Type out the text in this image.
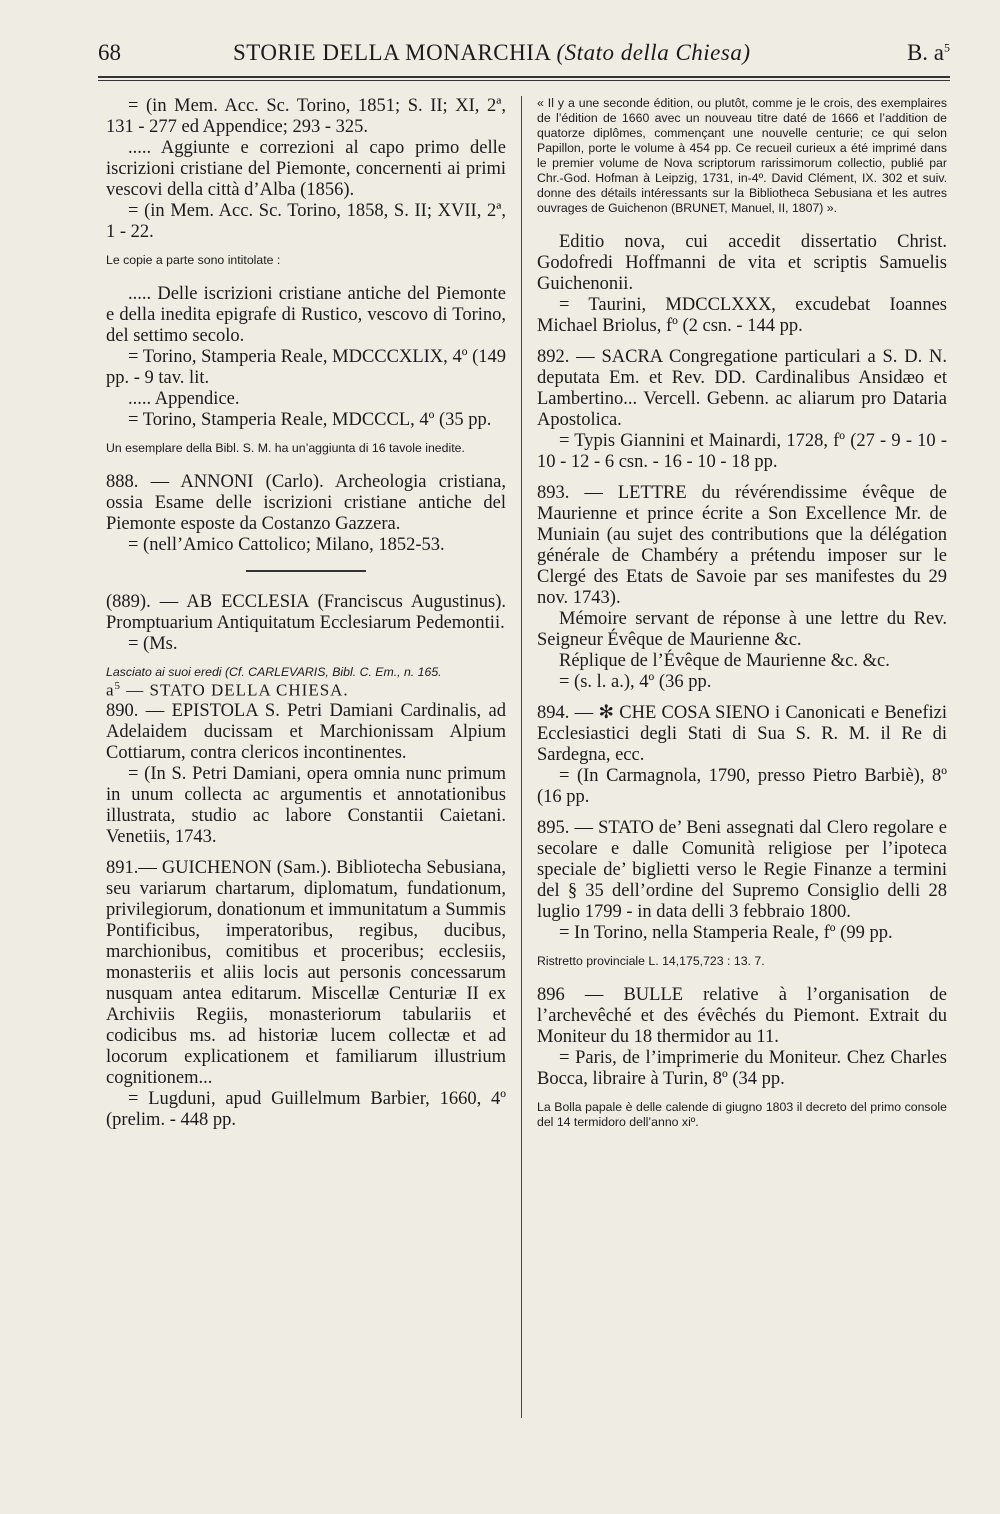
68	STORIE DELLA MONARCHIA (Stato della Chiesa)	B. $a^5$

= (in Mem. Acc. Sc. Torino, 1851; S. II; XI, 2ª, 131 - 277 ed Appendice; 293 - 325.

..... Aggiunte e correzioni al capo primo delle iscrizioni cristiane del Piemonte, concernenti ai primi vescovi della città d’Alba (1856).

= (in Mem. Acc. Sc. Torino, 1858, S. II; XVII, 2ª, 1 - 22.

Le copie a parte sono intitolate :

..... Delle iscrizioni cristiane antiche del Piemonte e della inedita epigrafe di Rustico, vescovo di Torino, del settimo secolo.

= Torino, Stamperia Reale, MDCCCXLIX, 4º (149 pp. - 9 tav. lit.

..... Appendice.

= Torino, Stamperia Reale, MDCCCL, 4º (35 pp.

Un esemplare della Bibl. S. M. ha un’aggiunta di 16 tavole inedite.

888. — ANNONI (Carlo). Archeologia cristiana, ossia Esame delle iscrizioni cristiane antiche del Piemonte esposte da Costanzo Gazzera.

= (nell’Amico Cattolico; Milano, 1852-53.

(889). — AB ECCLESIA (Franciscus Augustinus). Promptuarium Antiquitatum Ecclesiarum Pedemontii.

= (Ms.

Lasciato ai suoi eredi (Cf. CARLEVARIS, Bibl. C. Em., n. 165.

$a^5$ — STATO DELLA CHIESA.

890. — EPISTOLA S. Petri Damiani Cardinalis, ad Adelaidem ducissam et Marchionissam Alpium Cottiarum, contra clericos incontinentes.

= (In S. Petri Damiani, opera omnia nunc primum in unum collecta ac argumentis et annotationibus illustrata, studio ac labore Constantii Caietani. Venetiis, 1743.

891.— GUICHENON (Sam.). Bibliotecha Sebusiana, seu variarum chartarum, diplomatum, fundationum, privilegiorum, donationum et immunitatum a Summis Pontificibus, imperatoribus, regibus, ducibus, marchionibus, comitibus et proceribus; ecclesiis, monasteriis et aliis locis aut personis concessarum nusquam antea editarum. Miscellæ Centuriæ II ex Archiviis Regiis, monasteriorum tabulariis et codicibus ms. ad historiæ lucem collectæ et ad locorum explicationem et familiarum illustrium cognitionem...

= Lugduni, apud Guillelmum Barbier, 1660, 4º (prelim. - 448 pp.

« Il y a une seconde édition, ou plutôt, comme je le crois, des exemplaires de l’édition de 1660 avec un nouveau titre daté de 1666 et l’addition de quatorze diplômes, commençant une nouvelle centurie; ce qui selon Papillon, porte le volume à 454 pp. Ce recueil curieux a été imprimé dans le premier volume de Nova scriptorum rarissimorum collectio, publié par Chr.-God. Hofman à Leipzig, 1731, in-4º. David Clément, IX. 302 et suiv. donne des détails intéressants sur la Bibliotheca Sebusiana et les autres ouvrages de Guichenon (BRUNET, Manuel, II, 1807) ».

Editio nova, cui accedit dissertatio Christ. Godofredi Hoffmanni de vita et scriptis Samuelis Guichenonii.

= Taurini, MDCCLXXX, excudebat Ioannes Michael Briolus, fº (2 csn. - 144 pp.

892. — SACRA Congregatione particulari a S. D. N. deputata Em. et Rev. DD. Cardinalibus Ansidæo et Lambertino... Vercell. Gebenn. ac aliarum pro Dataria Apostolica.

= Typis Giannini et Mainardi, 1728, fº (27 - 9 - 10 - 10 - 12 - 6 csn. - 16 - 10 - 18 pp.

893. — LETTRE du révérendissime évêque de Maurienne et prince écrite a Son Excellence Mr. de Muniain (au sujet des contributions que la délégation générale de Chambéry a prétendu imposer sur le Clergé des Etats de Savoie par ses manifestes du 29 nov. 1743).

Mémoire servant de réponse à une lettre du Rev. Seigneur Évêque de Maurienne &c.

Réplique de l’Évêque de Maurienne &c. &c.

= (s. l. a.), 4º (36 pp.

894. — ✻ CHE COSA SIENO i Canonicati e Benefizi Ecclesiastici degli Stati di Sua S. R. M. il Re di Sardegna, ecc.

= (In Carmagnola, 1790, presso Pietro Barbiè), 8º (16 pp.

895. — STATO de’ Beni assegnati dal Clero regolare e secolare e dalle Comunità religiose per l’ipoteca speciale de’ biglietti verso le Regie Finanze a termini del § 35 dell’ordine del Supremo Consiglio delli 28 luglio 1799 - in data delli 3 febbraio 1800.

= In Torino, nella Stamperia Reale, fº (99 pp.

Ristretto provinciale L. 14,175,723 : 13. 7.

896 — BULLE relative à l’organisation de l’archevêché et des évêchés du Piemont. Extrait du Moniteur du 18 thermidor au 11.

= Paris, de l’imprimerie du Moniteur. Chez Charles Bocca, libraire à Turin, 8º (34 pp.

La Bolla papale è delle calende di giugno 1803 il decreto del primo console del 14 termidoro dell’anno xiº.
